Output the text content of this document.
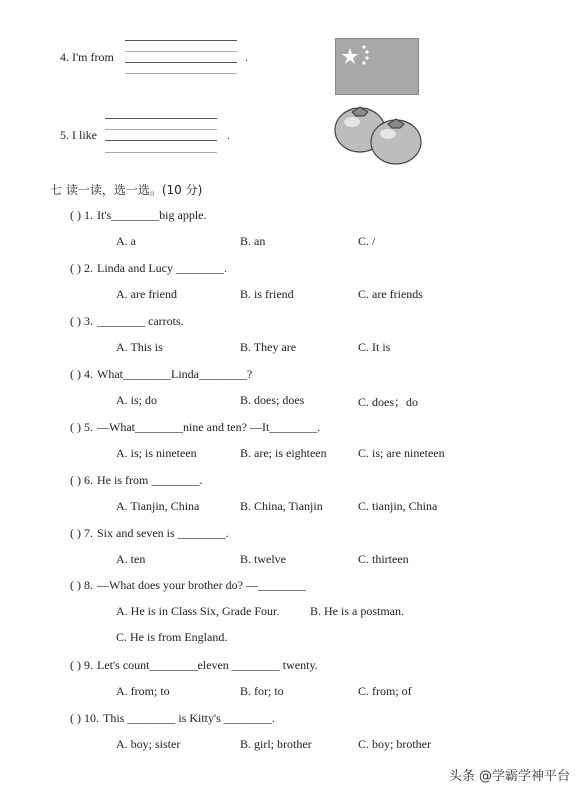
4. I'm from	.
5. I like	.
七 读一读，选一选。(10 分)
( ) 1. It's________big apple.
A. a	B. an	C. /
( ) 2. Linda and Lucy ________.
A. are friend	B. is friend	C. are friends
( ) 3. ________ carrots.
A. This is	B. They are	C. It is
( ) 4. What________Linda________?
A. is; do	B. does; does	C. does；do
( ) 5. —What________nine and ten? —It________.
A. is; is nineteen	B. are; is eighteen	C. is; are nineteen
( ) 6. He is from ________.
A. Tianjin, China	B. China, Tianjin	C. tianjin, China
( ) 7. Six and seven is ________.
A. ten	B. twelve	C. thirteen
( ) 8. —What does your brother do? —________
A. He is in Class Six, Grade Four.	B. He is a postman.
C. He is from England.
( ) 9. Let's count________eleven ________ twenty.
A. from; to	B. for; to	C. from; of
( ) 10. This ________ is Kitty's ________.
A. boy; sister	B. girl; brother	C. boy; brother
头条 @学霸学神平台
